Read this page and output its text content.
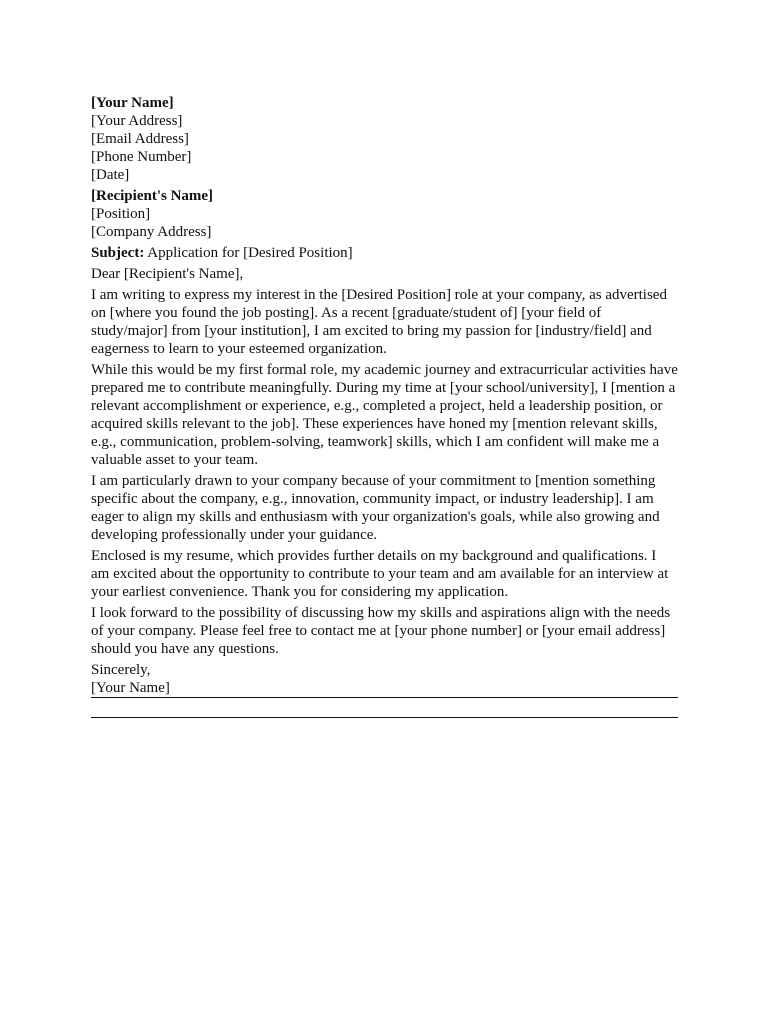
[Your Name]
[Your Address]
[Email Address]
[Phone Number]
[Date]
[Recipient's Name]
[Position]
[Company Address]
Subject: Application for [Desired Position]

Dear [Recipient's Name],

I am writing to express my interest in the [Desired Position] role at your company, as advertised on [where you found the job posting]. As a recent [graduate/student of] [your field of study/major] from [your institution], I am excited to bring my passion for [industry/field] and eagerness to learn to your esteemed organization.

While this would be my first formal role, my academic journey and extracurricular activities have prepared me to contribute meaningfully. During my time at [your school/university], I [mention a relevant accomplishment or experience, e.g., completed a project, held a leadership position, or acquired skills relevant to the job]. These experiences have honed my [mention relevant skills, e.g., communication, problem-solving, teamwork] skills, which I am confident will make me a valuable asset to your team.

I am particularly drawn to your company because of your commitment to [mention something specific about the company, e.g., innovation, community impact, or industry leadership]. I am eager to align my skills and enthusiasm with your organization's goals, while also growing and developing professionally under your guidance.

Enclosed is my resume, which provides further details on my background and qualifications. I am excited about the opportunity to contribute to your team and am available for an interview at your earliest convenience. Thank you for considering my application.

I look forward to the possibility of discussing how my skills and aspirations align with the needs of your company. Please feel free to contact me at [your phone number] or [your email address] should you have any questions.

Sincerely,
[Your Name]
